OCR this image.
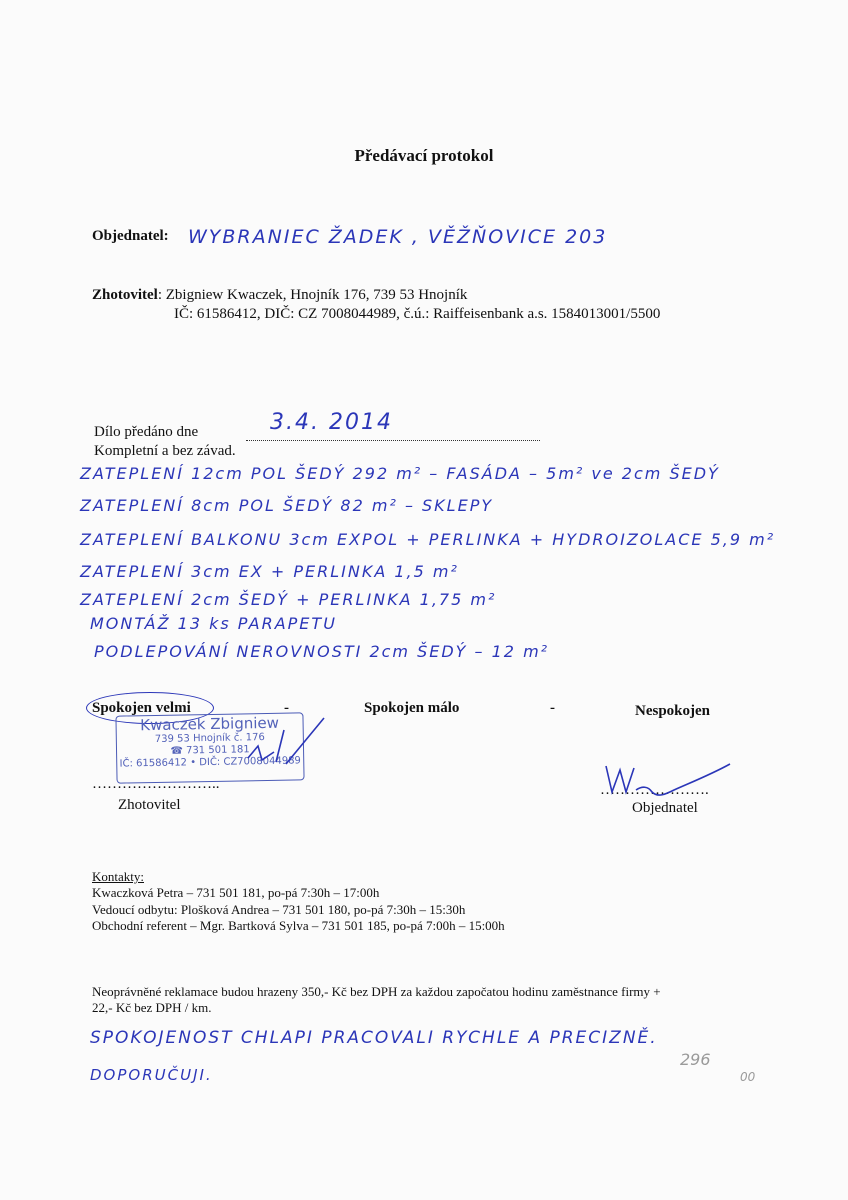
Předávací protokol
Objednatel: WYBRANIEC ŽADEK , VĚŽŇOVICE 203
Zhotovitel: Zbigniew Kwaczek, Hnojník 176, 739 53 Hnojník
IČ: 61586412, DIČ: CZ 7008044989, č.ú.: Raiffeisenbank a.s. 1584013001/5500
Dílo předáno dne	3.4. 2014
Kompletní a bez závad.
ZATEPLENÍ 12cm POL ŠEDÝ 292 m² – FASÁDA – 5m² ve 2cm ŠEDÝ
ZATEPLENÍ 8cm POL ŠEDÝ 82 m² – SKLEPY
ZATEPLENÍ BALKONU 3cm EXPOL + PERLINKA + HYDROIZOLACE 5,9 m²
ZATEPLENÍ 3cm EX + PERLINKA 1,5 m²
ZATEPLENÍ 2cm ŠEDÝ + PERLINKA 1,75 m²
MONTÁŽ 13 ks PARAPETU
PODLEPOVÁNÍ NEROVNOSTI 2cm ŠEDÝ – 12 m²
Spokojen velmi	-	Spokojen málo	-	Nespokojen
Kwaczek Zbigniew
739 53 Hnojník č. 176
☎ 731 501 181
IČ: 61586412 • DIČ: CZ7008044989
……………………..
Zhotovitel
………………….
Objednatel
Kontakty:
Kwaczková Petra – 731 501 181, po-pá 7:30h – 17:00h
Vedoucí odbytu: Plošková Andrea – 731 501 180, po-pá 7:30h – 15:30h
Obchodní referent – Mgr. Bartková Sylva – 731 501 185, po-pá 7:00h – 15:00h
Neoprávněné reklamace budou hrazeny 350,- Kč bez DPH za každou započatou hodinu zaměstnance firmy +
22,- Kč bez DPH / km.
SPOKOJENOST CHLAPI PRACOVALI RYCHLE A PRECIZNĚ.
DOPORUČUJI.
296
00
